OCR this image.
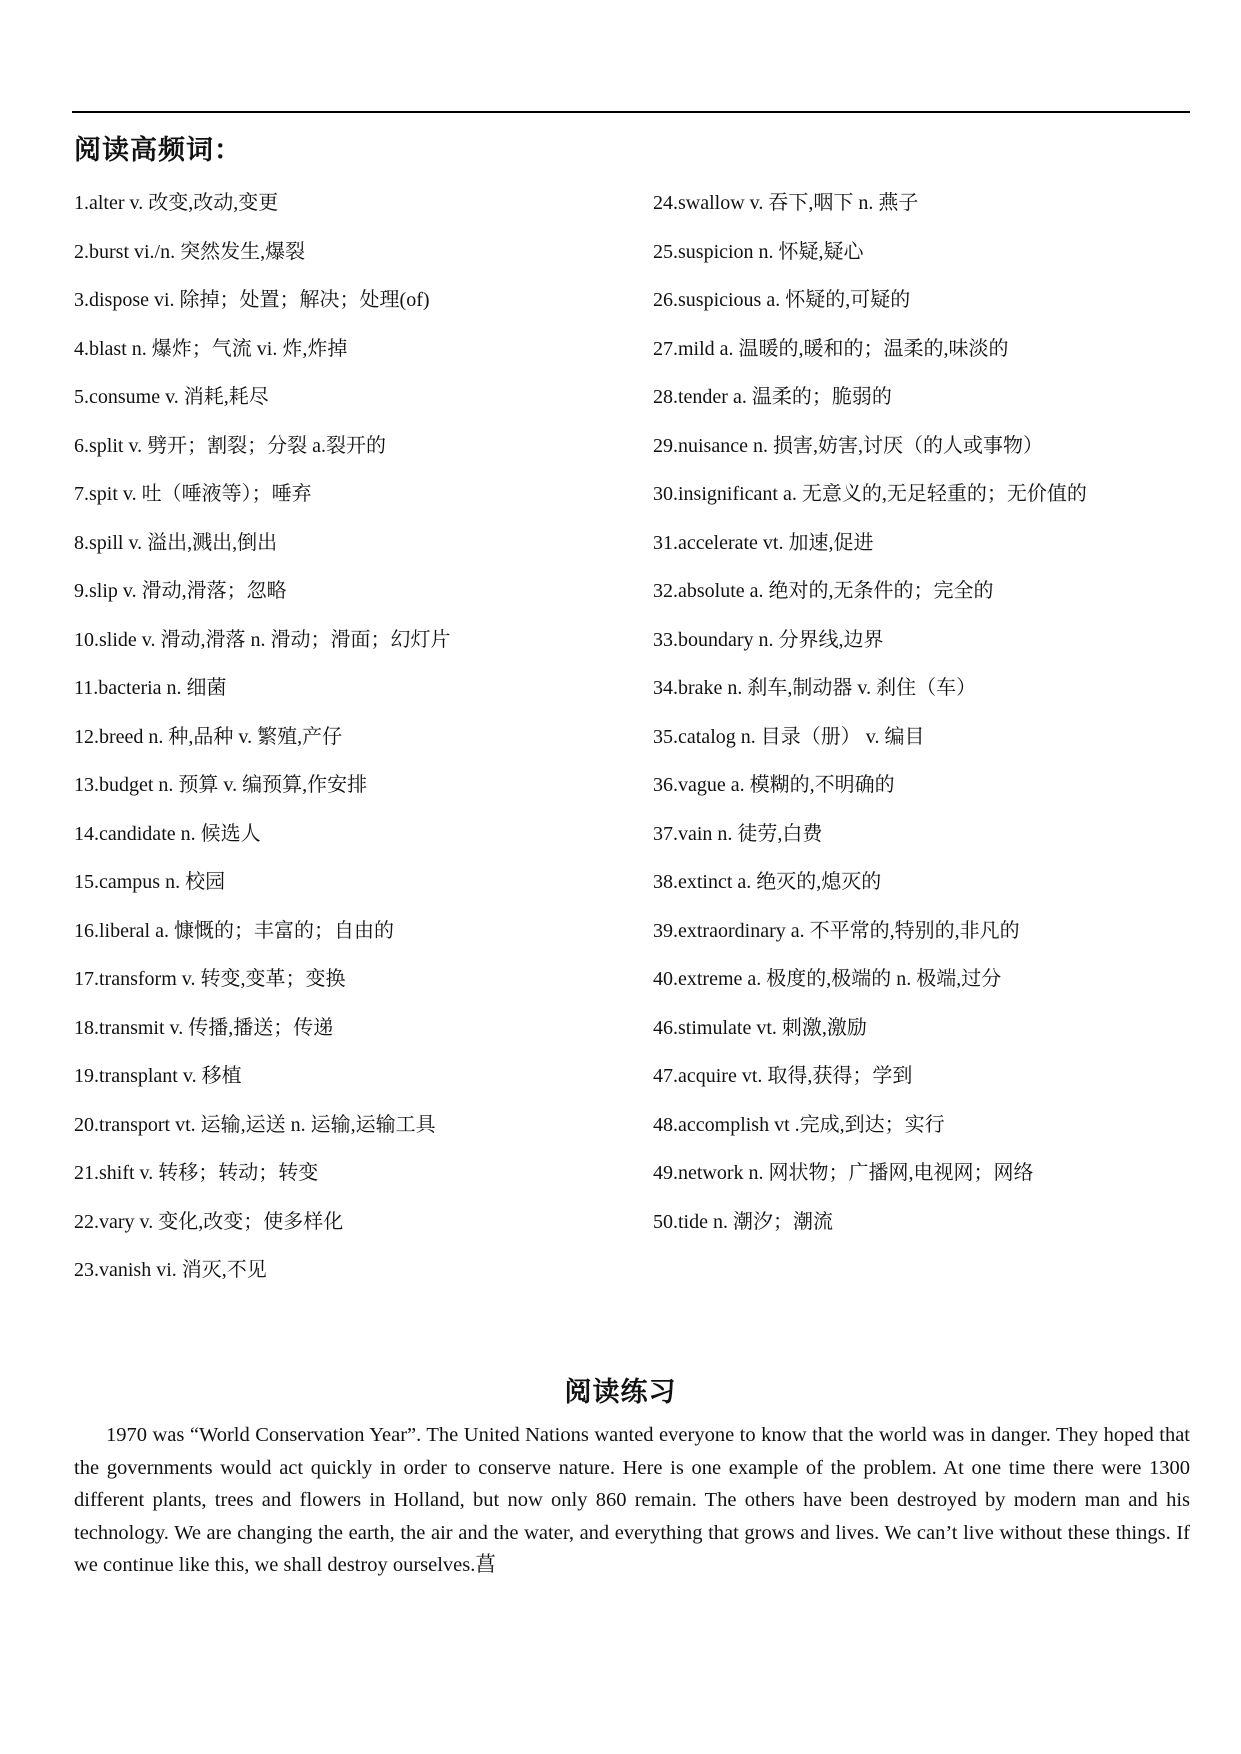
阅读高频词：
1.alter v. 改变,改动,变更
2.burst vi./n. 突然发生,爆裂
3.dispose vi. 除掉；处置；解决；处理(of)
4.blast n. 爆炸；气流 vi. 炸,炸掉
5.consume v. 消耗,耗尽
6.split v. 劈开；割裂；分裂 a.裂开的
7.spit v. 吐（唾液等）；唾弃
8.spill v. 溢出,溅出,倒出
9.slip v. 滑动,滑落；忽略
10.slide v. 滑动,滑落 n. 滑动；滑面；幻灯片
11.bacteria n. 细菌
12.breed n. 种,品种 v. 繁殖,产仔
13.budget n. 预算 v. 编预算,作安排
14.candidate n. 候选人
15.campus n. 校园
16.liberal a. 慷慨的；丰富的；自由的
17.transform v. 转变,变革；变换
18.transmit v. 传播,播送；传递
19.transplant v. 移植
20.transport vt. 运输,运送 n. 运输,运输工具
21.shift v. 转移；转动；转变
22.vary v. 变化,改变；使多样化
23.vanish vi. 消灭,不见
24.swallow v. 吞下,咽下 n. 燕子
25.suspicion n. 怀疑,疑心
26.suspicious a. 怀疑的,可疑的
27.mild a. 温暖的,暖和的；温柔的,味淡的
28.tender a. 温柔的；脆弱的
29.nuisance n. 损害,妨害,讨厌（的人或事物）
30.insignificant a. 无意义的,无足轻重的；无价值的
31.accelerate vt. 加速,促进
32.absolute a. 绝对的,无条件的；完全的
33.boundary n. 分界线,边界
34.brake n. 刹车,制动器 v. 刹住（车）
35.catalog n. 目录（册） v. 编目
36.vague a. 模糊的,不明确的
37.vain n. 徒劳,白费
38.extinct a. 绝灭的,熄灭的
39.extraordinary a. 不平常的,特别的,非凡的
40.extreme a. 极度的,极端的 n. 极端,过分
46.stimulate vt. 刺激,激励
47.acquire vt. 取得,获得；学到
48.accomplish vt .完成,到达；实行
49.network n. 网状物；广播网,电视网；网络
50.tide n. 潮汐；潮流
阅读练习

1970 was “World Conservation Year”. The United Nations wanted everyone to know that the world was in danger. They hoped that the governments would act quickly in order to conserve nature. Here is one example of the problem. At one time there were 1300 different plants, trees and flowers in Holland, but now only 860 remain. The others have been destroyed by modern man and his technology. We are changing the earth, the air and the water, and everything that grows and lives. We can’t live without these things. If we continue like this, we shall destroy ourselves.菖
